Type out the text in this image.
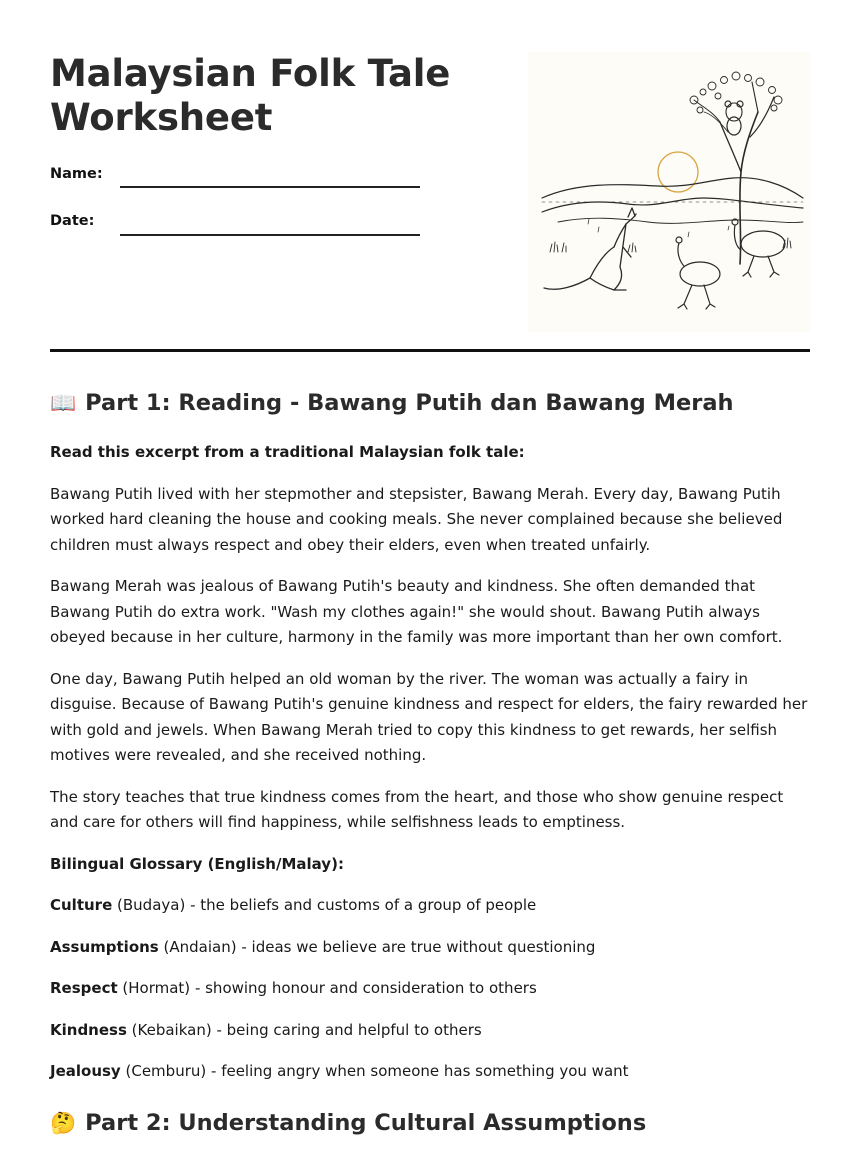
Malaysian Folk Tale Worksheet
Name:
Date:
📖 Part 1: Reading - Bawang Putih dan Bawang Merah

Read this excerpt from a traditional Malaysian folk tale:

Bawang Putih lived with her stepmother and stepsister, Bawang Merah. Every day, Bawang Putih worked hard cleaning the house and cooking meals. She never complained because she believed children must always respect and obey their elders, even when treated unfairly.

Bawang Merah was jealous of Bawang Putih's beauty and kindness. She often demanded that Bawang Putih do extra work. "Wash my clothes again!" she would shout. Bawang Putih always obeyed because in her culture, harmony in the family was more important than her own comfort.

One day, Bawang Putih helped an old woman by the river. The woman was actually a fairy in disguise. Because of Bawang Putih's genuine kindness and respect for elders, the fairy rewarded her with gold and jewels. When Bawang Merah tried to copy this kindness to get rewards, her selfish motives were revealed, and she received nothing.

The story teaches that true kindness comes from the heart, and those who show genuine respect and care for others will find happiness, while selfishness leads to emptiness.

Bilingual Glossary (English/Malay):

Culture (Budaya) - the beliefs and customs of a group of people

Assumptions (Andaian) - ideas we believe are true without questioning

Respect (Hormat) - showing honour and consideration to others

Kindness (Kebaikan) - being caring and helpful to others

Jealousy (Cemburu) - feeling angry when someone has something you want

🤔 Part 2: Understanding Cultural Assumptions
